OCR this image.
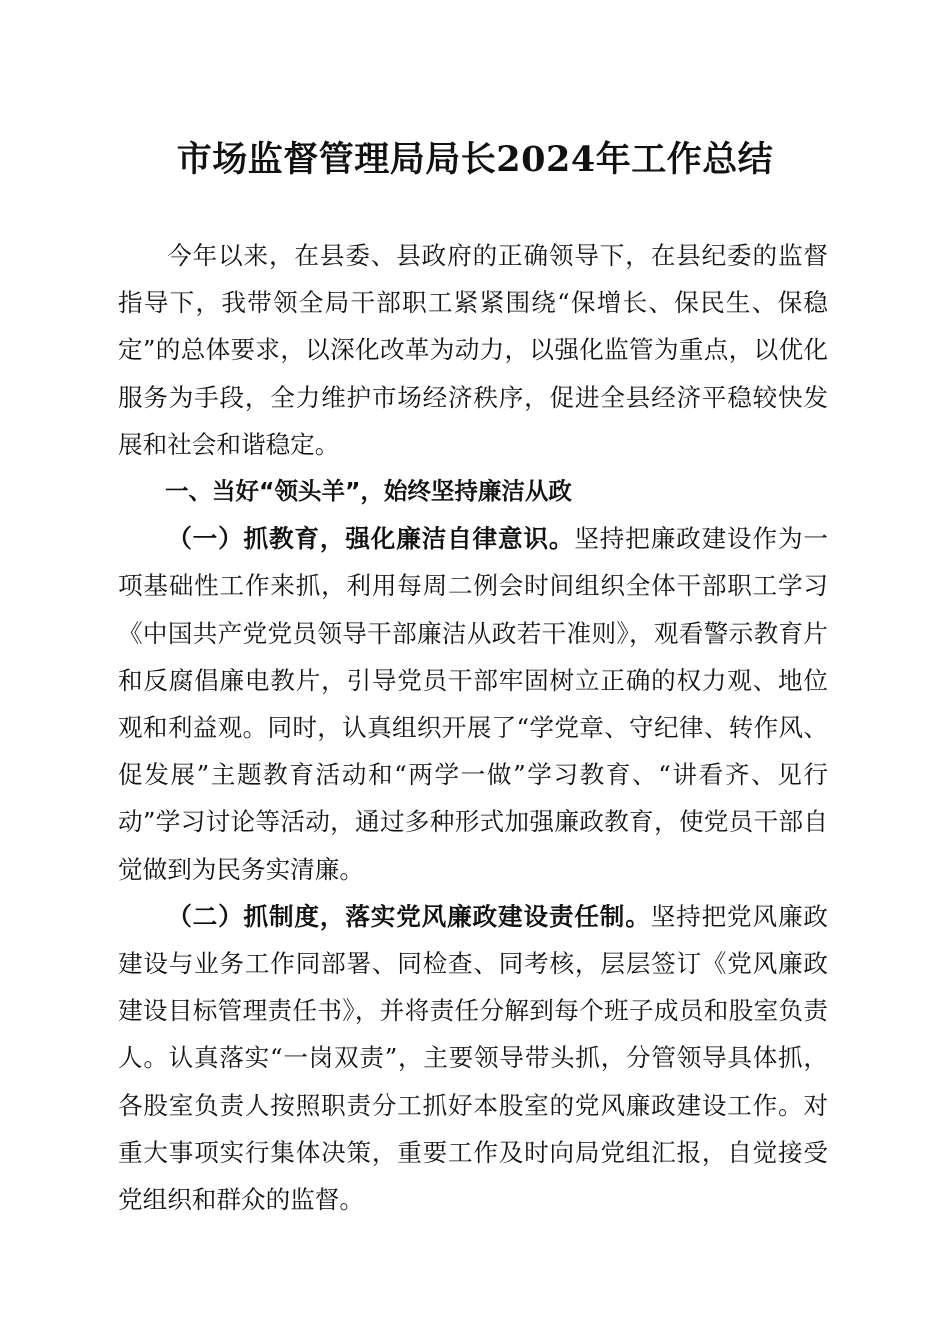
市场监督管理局局长2024年工作总结

今年以来，在县委、县政府的正确领导下，在县纪委的监督指导下，我带领全局干部职工紧紧围绕“保增长、保民生、保稳定”的总体要求，以深化改革为动力，以强化监管为重点，以优化服务为手段，全力维护市场经济秩序，促进全县经济平稳较快发展和社会和谐稳定。

一、当好“领头羊”，始终坚持廉洁从政

（一）抓教育，强化廉洁自律意识。坚持把廉政建设作为一项基础性工作来抓，利用每周二例会时间组织全体干部职工学习《中国共产党党员领导干部廉洁从政若干准则》，观看警示教育片和反腐倡廉电教片，引导党员干部牢固树立正确的权力观、地位观和利益观。同时，认真组织开展了“学党章、守纪律、转作风、促发展”主题教育活动和“两学一做”学习教育、“讲看齐、见行动”学习讨论等活动，通过多种形式加强廉政教育，使党员干部自觉做到为民务实清廉。

（二）抓制度，落实党风廉政建设责任制。坚持把党风廉政建设与业务工作同部署、同检查、同考核，层层签订《党风廉政建设目标管理责任书》，并将责任分解到每个班子成员和股室负责人。认真落实“一岗双责”，主要领导带头抓，分管领导具体抓，各股室负责人按照职责分工抓好本股室的党风廉政建设工作。对重大事项实行集体决策，重要工作及时向局党组汇报，自觉接受党组织和群众的监督。
